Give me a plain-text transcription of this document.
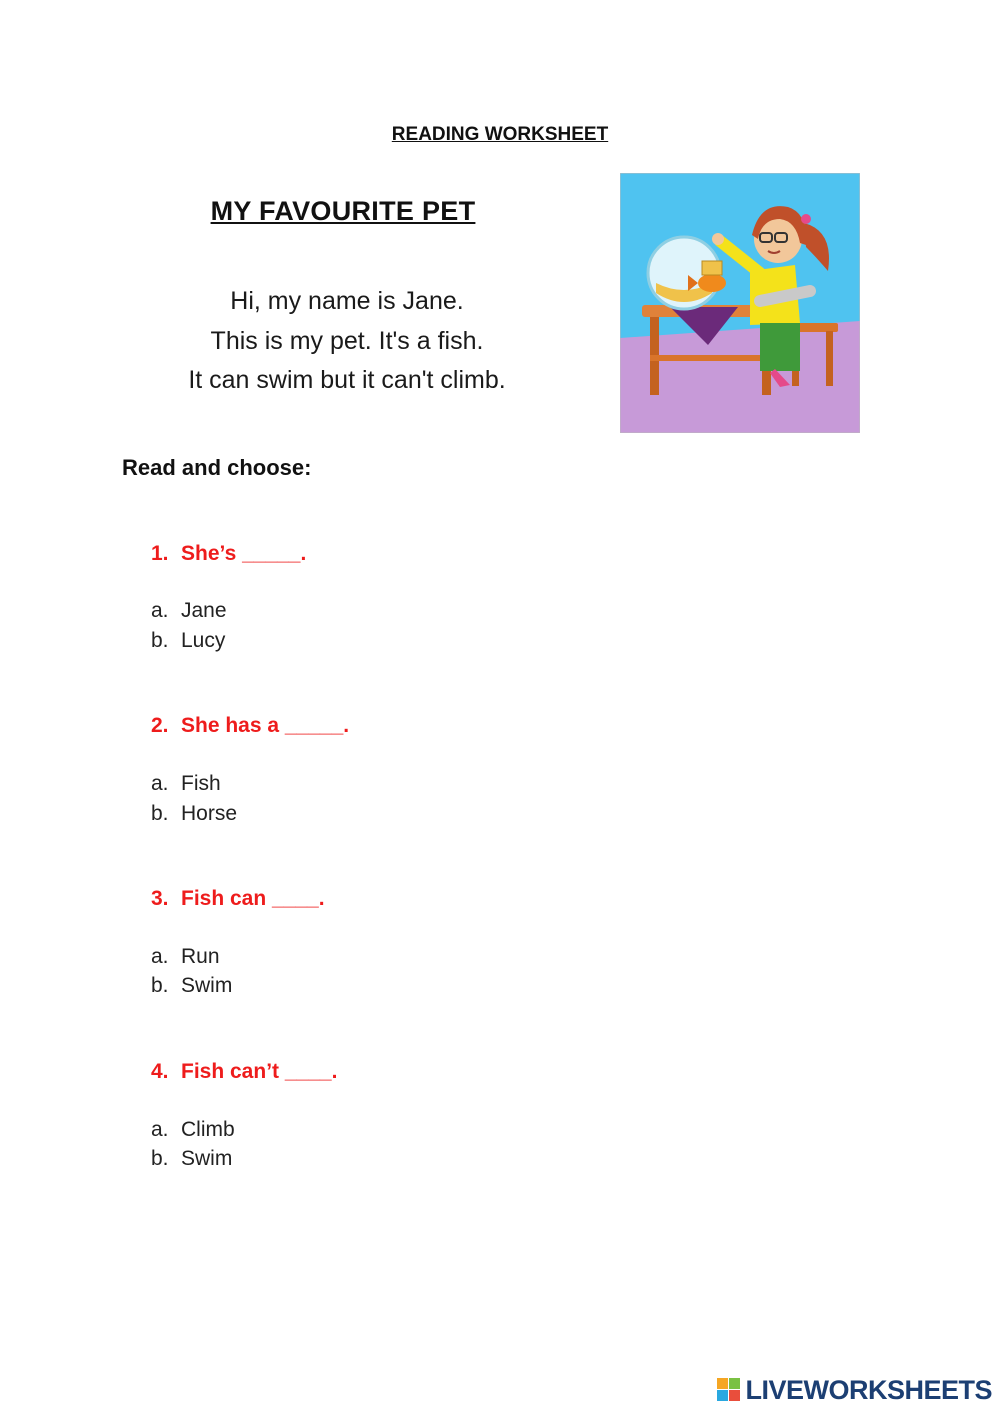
READING WORKSHEET
MY FAVOURITE PET
Hi, my name is Jane.
This is my pet. It's a fish.
It can swim but it can't climb.
Read and choose:
1. She’s _____.
a. Jane
b. Lucy
2. She has a _____.
a. Fish
b. Horse
3. Fish can ____.
a. Run
b. Swim
4. Fish can’t ____.
a. Climb
b. Swim
LIVEWORKSHEETS
